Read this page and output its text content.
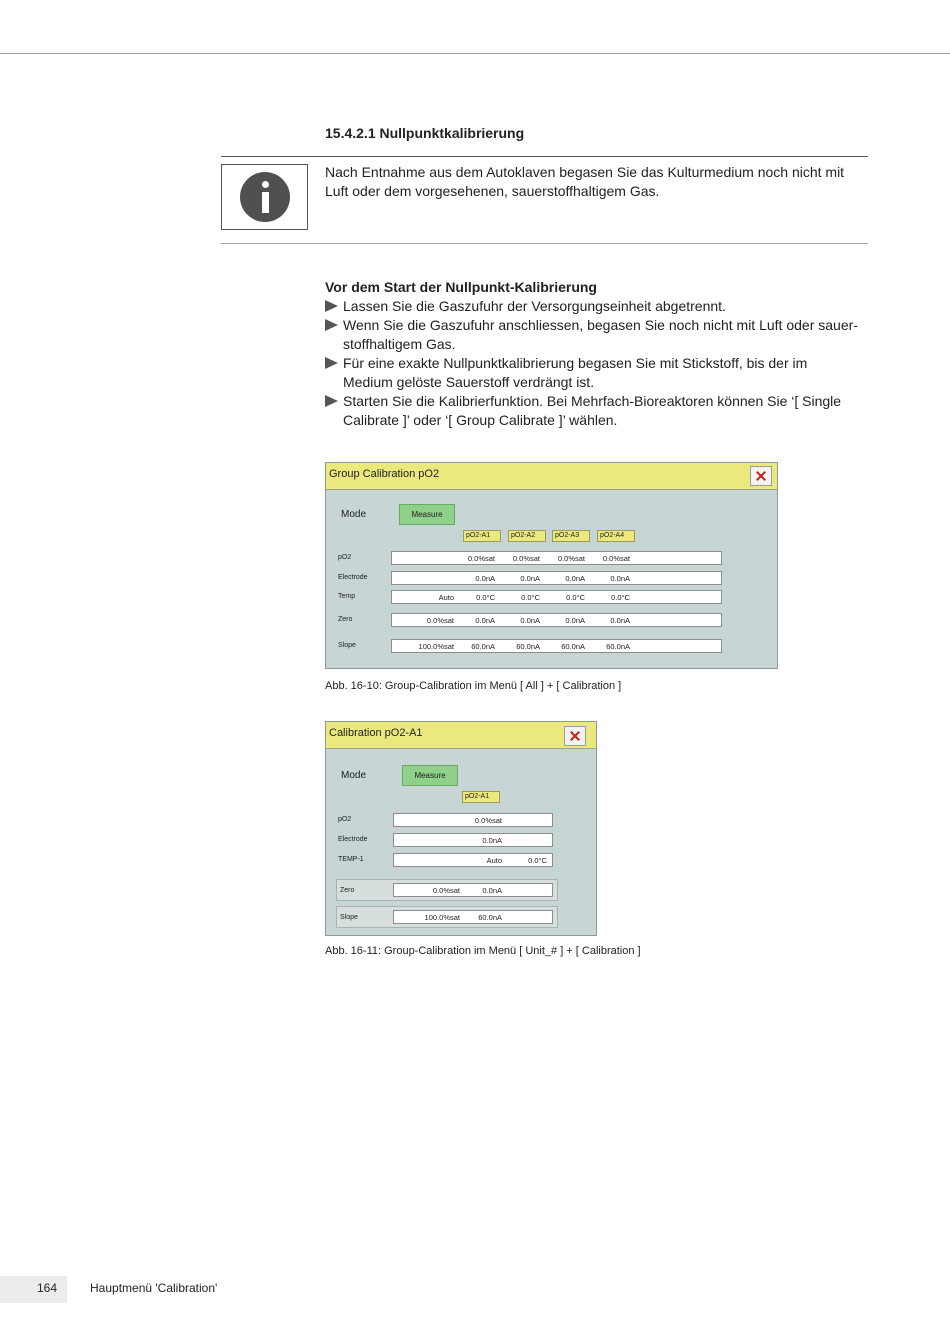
15.4.2.1 Nullpunktkalibrierung
Nach Entnahme aus dem Autoklaven begasen Sie das Kulturmedium noch nicht mit
Luft oder dem vorgesehenen, sauerstoffhaltigem Gas.
Vor dem Start der Nullpunkt-Kalibrierung
Lassen Sie die Gaszufuhr der Versorgungseinheit abgetrennt.
Wenn Sie die Gaszufuhr anschliessen, begasen Sie noch nicht mit Luft oder sauer-
stoffhaltigem Gas.
Für eine exakte Nullpunktkalibrierung begasen Sie mit Stickstoff, bis der im
Medium gelöste Sauerstoff verdrängt ist.
Starten Sie die Kalibrierfunktion. Bei Mehrfach-Bioreaktoren können Sie ‘[ Single
Calibrate ]’ oder ‘[ Group Calibrate ]’ wählen.
Group Calibration pO2
Mode	Measure
pO2-A1	pO2-A2	pO2-A3	pO2-A4
pO2	0.0%sat 0.0%sat 0.0%sat 0.0%sat
Electrode	0.0nA	0.0nA	0.0nA	0.0nA
Temp	Auto	0.0°C	0.0°C	0.0°C	0.0°C
Zero	0.0%sat	0.0nA	0.0nA	0.0nA	0.0nA
Slope	100.0%sat 60.0nA	60.0nA	60.0nA	60.0nA
Abb. 16-10: Group-Calibration im Menü [ All ] + [ Calibration ]
Calibration pO2-A1
Mode	Measure
pO2-A1
pO2	0.0%sat
Electrode	0.0nA
TEMP-1	Auto	0.0°C
Zero	0.0%sat	0.0nA
Slope	100.0%sat 60.0nA
Abb. 16-11: Group-Calibration im Menü [ Unit_# ] + [ Calibration ]
164	Hauptmenü 'Calibration'
